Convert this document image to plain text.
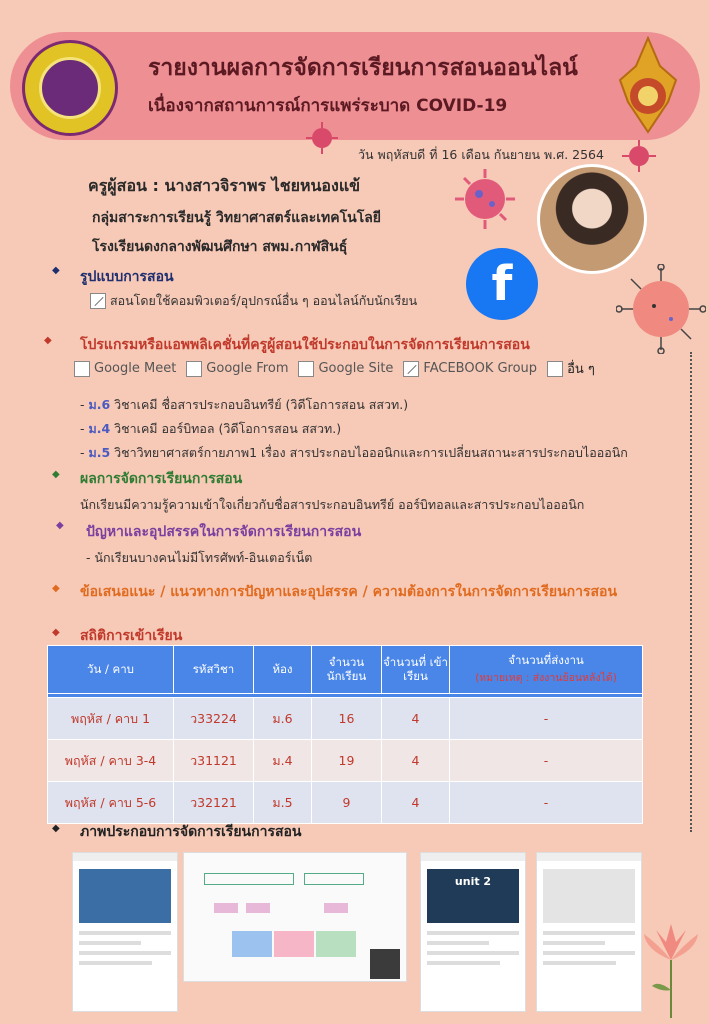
รายงานผลการจัดการเรียนการสอนออนไลน์
เนื่องจากสถานการณ์การแพร่ระบาด COVID-19
วัน พฤหัสบดี ที่ 16 เดือน กันยายน พ.ศ. 2564
ครูผู้สอน : นางสาวจิราพร ไชยหนองแข้
กลุ่มสาระการเรียนรู้ วิทยาศาสตร์และเทคโนโลยี
โรงเรียนดงกลางพัฒนศึกษา สพม.กาฬสินธุ์
f
◆ รูปแบบการสอน
สอนโดยใช้คอมพิวเตอร์/อุปกรณ์อื่น ๆ ออนไลน์กับนักเรียน
◆ โปรแกรมหรือแอพพลิเคชั่นที่ครูผู้สอนใช้ประกอบในการจัดการเรียนการสอน
Google Meet Google From Google Site FACEBOOK Group อื่น ๆ
- ม.6 วิชาเคมี ชื่อสารประกอบอินทรีย์ (วิดีโอการสอน สสวท.)
- ม.4 วิชาเคมี ออร์บิทอล (วิดีโอการสอน สสวท.)
- ม.5 วิชาวิทยาศาสตร์กายภาพ1 เรื่อง สารประกอบไอออนิกและการเปลี่ยนสถานะสารประกอบไอออนิก
◆ ผลการจัดการเรียนการสอน
นักเรียนมีความรู้ความเข้าใจเกี่ยวกับชื่อสารประกอบอินทรีย์ ออร์บิทอลและสารประกอบไอออนิก
◆ ปัญหาและอุปสรรคในการจัดการเรียนการสอน
- นักเรียนบางคนไม่มีโทรศัพท์-อินเตอร์เน็ต
◆ ข้อเสนอแนะ / แนวทางการปัญหาและอุปสรรค / ความต้องการในการจัดการเรียนการสอน
◆ สถิติการเข้าเรียน
วัน / คาบ	รหัสวิชา	ห้อง	จำนวน นักเรียน	จำนวนที่ เข้าเรียน	จำนวนที่ส่งงาน
(หมายเหตุ : ส่งงานย้อนหลังได้)

พฤหัส / คาบ 1	ว33224	ม.6	16	4	-
พฤหัส / คาบ 3-4	ว31121	ม.4	19	4	-
พฤหัส / คาบ 5-6	ว32121	ม.5	9	4	-
◆ ภาพประกอบการจัดการเรียนการสอน
unit 2
